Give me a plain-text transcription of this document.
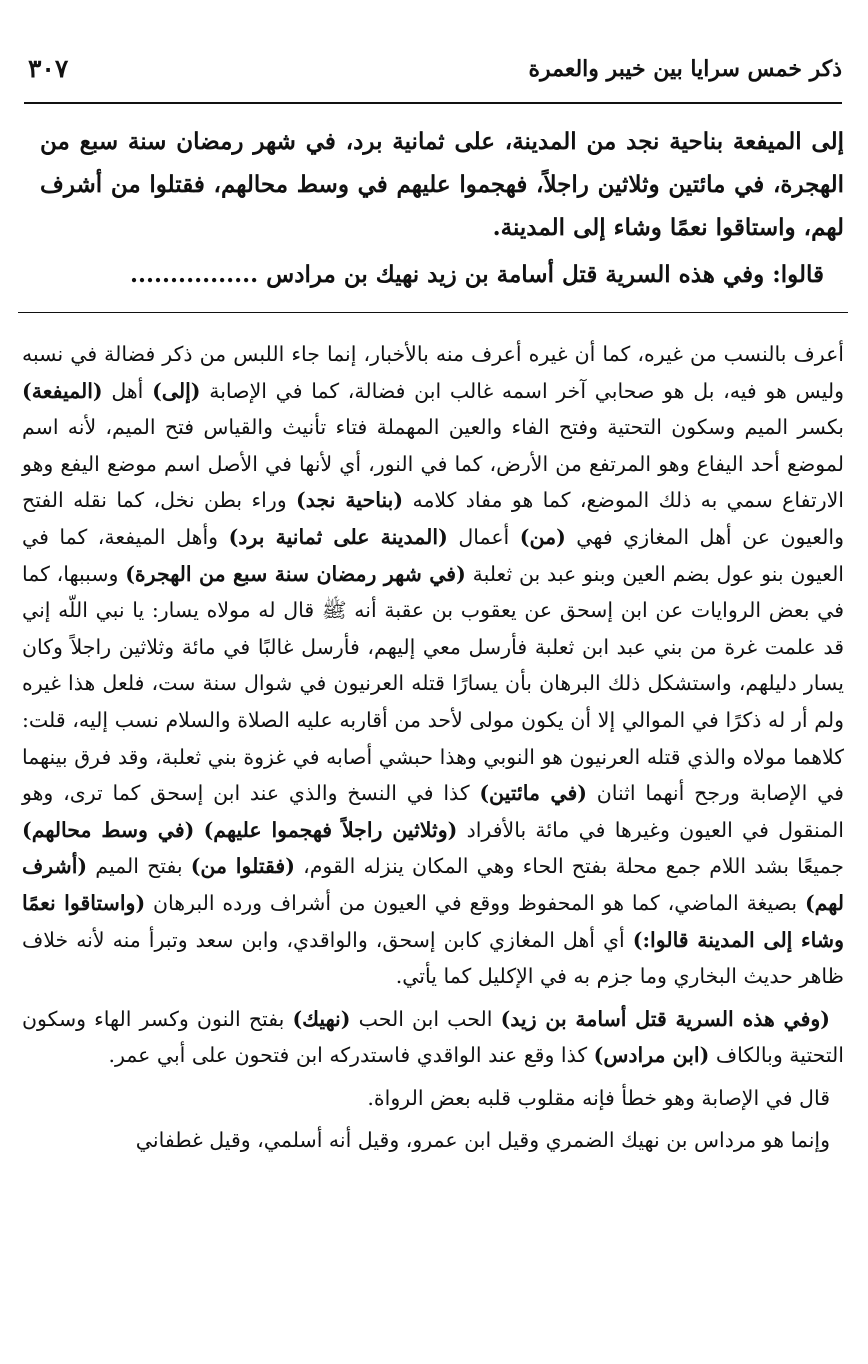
ذكر خمس سرايا بين خيبر والعمرة
٣٠٧

إلى الميفعة بناحية نجد من المدينة، على ثمانية برد، في شهر رمضان سنة سبع من الهجرة، في مائتين وثلاثين راجلاً، فهجموا عليهم في وسط محالهم، فقتلوا من أشرف لهم، واستاقوا نعمًا وشاء إلى المدينة.

قالوا: وفي هذه السرية قتل أسامة بن زيد نهيك بن مرادس ................

أعرف بالنسب من غيره، كما أن غيره أعرف منه بالأخبار، إنما جاء اللبس من ذكر فضالة في نسبه وليس هو فيه، بل هو صحابي آخر اسمه غالب ابن فضالة، كما في الإصابة (إلى) أهل (الميفعة) بكسر الميم وسكون التحتية وفتح الفاء والعين المهملة فتاء تأنيث والقياس فتح الميم، لأنه اسم لموضع أحد اليفاع وهو المرتفع من الأرض، كما في النور، أي لأنها في الأصل اسم موضع اليفع وهو الارتفاع سمي به ذلك الموضع، كما هو مفاد كلامه (بناحية نجد) وراء بطن نخل، كما نقله الفتح والعيون عن أهل المغازي فهي (من) أعمال (المدينة على ثمانية برد) وأهل الميفعة، كما في العيون بنو عول بضم العين وبنو عبد بن ثعلبة (في شهر رمضان سنة سبع من الهجرة) وسببها، كما في بعض الروايات عن ابن إسحق عن يعقوب بن عقبة أنه ﷺ قال له مولاه يسار: يا نبي اللّه إني قد علمت غرة من بني عبد ابن ثعلبة فأرسل معي إليهم، فأرسل غالبًا في مائة وثلاثين راجلاً وكان يسار دليلهم، واستشكل ذلك البرهان بأن يسارًا قتله العرنيون في شوال سنة ست، فلعل هذا غيره ولم أر له ذكرًا في الموالي إلا أن يكون مولى لأحد من أقاربه عليه الصلاة والسلام نسب إليه، قلت: كلاهما مولاه والذي قتله العرنيون هو النوبي وهذا حبشي أصابه في غزوة بني ثعلبة، وقد فرق بينهما في الإصابة ورجح أنهما اثنان (في مائتين) كذا في النسخ والذي عند ابن إسحق كما ترى، وهو المنقول في العيون وغيرها في مائة بالأفراد (وثلاثين راجلاً فهجموا عليهم) (في وسط محالهم) جميعًا بشد اللام جمع محلة بفتح الحاء وهي المكان ينزله القوم، (فقتلوا من) بفتح الميم (أشرف لهم) بصيغة الماضي، كما هو المحفوظ ووقع في العيون من أشراف ورده البرهان (واستاقوا نعمًا وشاء إلى المدينة قالوا:) أي أهل المغازي كابن إسحق، والواقدي، وابن سعد وتبرأ منه لأنه خلاف ظاهر حديث البخاري وما جزم به في الإكليل كما يأتي.

(وفي هذه السرية قتل أسامة بن زيد) الحب ابن الحب (نهيك) بفتح النون وكسر الهاء وسكون التحتية وبالكاف (ابن مرادس) كذا وقع عند الواقدي فاستدركه ابن فتحون على أبي عمر.

قال في الإصابة وهو خطأ فإنه مقلوب قلبه بعض الرواة.

وإنما هو مرداس بن نهيك الضمري وقيل ابن عمرو، وقيل أنه أسلمي، وقيل غطفاني
